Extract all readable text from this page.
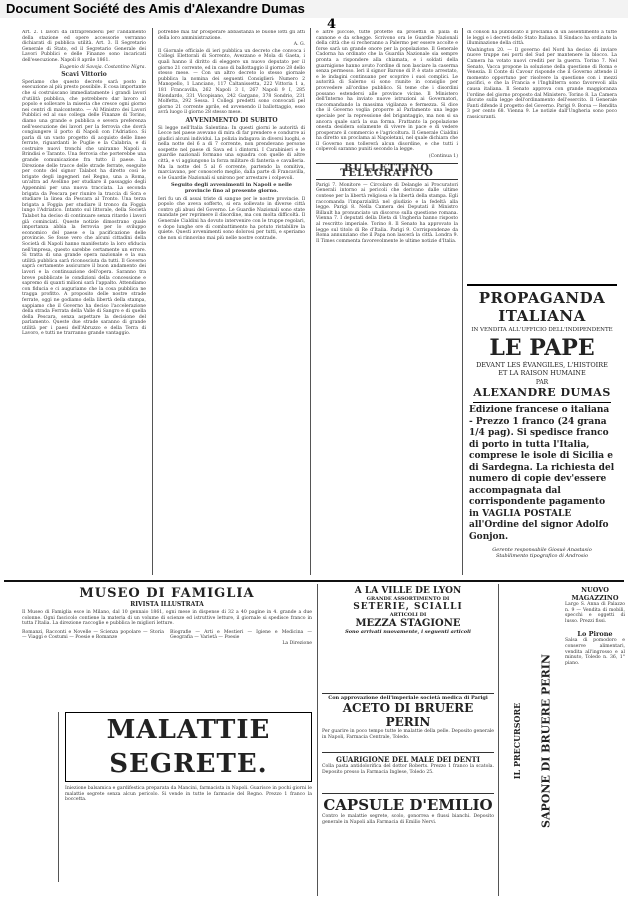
Document Société des Amis d'Alexandre Dumas
4

Art. 2. I lavori da intraprendersi per l'andamento della stazione ed opere accessorie verranno dichiarati di pubblica utilità. Art. 3. Il Segretario Generale di Stato, ed il Segretario Generale dei Lavori Pubblici e delle Finanze sono incaricati dell'esecuzione. Napoli 8 aprile 1861.

Eugenio di Savoja. Costantino Nigra.

Scavi Vittorio

Speriamo che questo decreto sarà posto in esecuzione al più presto possibile. È cosa importante che si costruiscano immediatamente i grandi lavori d'utilità pubblica, che potrebbero dar lavoro al popolo e sollevare la miseria che cresce ogni giorno nei centri di malcontento. — Al Ministro dei Lavori Pubblici ed al suo collega delle Finanze di Torino, diamo una grande e pubblica e severa preferenza nell'esecuzione dei lavori per la ferrovia che dovrà congiungere il porto di Napoli con l'Adriatico. Si parla di un vasto progetto di acquisto delle linee ferrate, riguardanti le Puglie e la Calabria, e di costruire nuovi tronchi che uniranno Napoli a Brindisi e Taranto. Una ferrovia che porterebbe una grande comunicazione fra tutto il paese. La Direzione delle tracce delle strade ferrate, eseguite per conto del signor Talabot ha diretto così le brigate degli ingegneri nel Regno, una a Roma, un'altra ad Avellino per studiare il passaggio degli Appennini per una nuova tracciata. La seconda brigata da Pescara per riunire la traccia di Sora e studiare la linea da Pescara al Tronto. Una terza brigata a Foggia per studiare il tronco da Foggia lungo l'Adriatico. Intanto sul littorale, della Società Talabot ha deciso di continuare senza ritardo i lavori già cominciati. Queste notizie dimostrano quale importanza abbia la ferrovia per lo sviluppo economico del paese e la pacificazione delle provincie. Se fosse vero che alcuni cittadini della Società di Napoli hanno manifestato la loro sfiducia nell'impresa, questo sarebbe certamente un errore. Si tratta di una grande opera nazionale e la sua utilità pubblica sarà riconosciuta da tutti. Il Governo saprà certamente assicurare il buon andamento dei lavori e la continuazione dell'opera. Saranno tra breve pubblicate le condizioni della concessione e sapremo di quanti milioni sarà l'appalto. Attendiamo con fiducia e ci auguriamo che la cosa pubblica ne tragga profitto. A proposito delle nostre strade ferrate, oggi ne godiamo della libertà della stampa, sappiamo che il Governo ha deciso l'accelerazione della strada Ferrata della Valle di Sangro e di quella della Pescara, senza aspettare la decisione del parlamento. Queste due strade saranno di grande utilità per i paesi dell'Abruzzo e della Terra di Lavoro, e tutti ne trarranno grande vantaggio.

potrebbe mai far prosperare abbastanza le buone lotti gli atti della loro amministrazione.

A. G.

Il Giornale officiale di ieri pubblica un decreto che convoca i Collegi Elettorali di Sorrento, Avezzano e Mola di Gaeta, i quali hanno il diritto di eleggere un nuovo deputato per il giorno 21 corrente, ed in caso di ballottaggio il giorno 28 dello stesso mese. — Con un altro decreto lo stesso giornale pubblica la nomina dei seguenti Consiglieri: Numero 2 Manopello, 1 Lanciano, 117 Caltanissetta, 222 Vittoria 1 a, 181 Francavilla, 262 Napoli 3 I, 267 Napoli 9 I, 285 Riondardo, 331 Vicopisano, 242 Gargano, 378 Sondrio, 231 Molfetta, 292 Sessa. I Collegi predetti sono convocati pel giorno 21 corrente aprile, ed avvenendo il ballottaggio, esso avrà luogo il giorno 28 stesso mese.

AVVENIMENTO DI SUBITO

Si legge nell'Italia Salentina: In questi giorni le autorità di Lecce nel paese avevano di mira di far prendere e condurre ai giudici alcuni individui. La polizia indagava in diversi luoghi, e nella notte del 6 a dì 7 corrente, non prendevano persone sospette nel paese di Sava ed i dintorni. I Carabinieri e le guardie nazionali formano una squadra con quelle di altre città, e vi aggiungono la forza militare di fanteria e cavalleria. Ma la notte del 5 al 6 corrente, partendo la comitiva, marciavano, per conoscerlo meglio, dalla parte di Francavilla, e le Guardie Nazionali si unirono per arrestare i colpevoli.

Seguito degli avvenimenti in Napoli e nelle provincie fino al presente giorno.

Ieri fu un dì assai triste di sangue per le nostre provincie. Il popolo che aveva sofferto, si era sollevato in diverse città contro gli abusi del Governo. Le Guardie Nazionali sono state mandate per reprimere il disordine, ma con molta difficoltà. Il Generale Cialdini ha dovuto intervenire con le truppe regolari, e dopo lunghe ore di combattimento ha potuto ristabilire la quiete. Questi avvenimenti sono dolorosi per tutti, e speriamo che non si rinnovino mai più nelle nostre contrade.

e altre piccole, tutte protette da proiettili di palla di cannone e da schegge. Scrivono ora le Guardie Nazionali della città che si recheranno a Palermo per essere accolte e forse sarà un grande onore per la popolazione. Il Generale Cadorna ha ordinato che la Guardia Nazionale sia sempre pronta a rispondere alla chiamata, e i soldati della guarnigione hanno avuto l'ordine di non lasciare la caserma senza permesso. Ieri il signor Barone di P. è stato arrestato, e le indagini continuano per scoprire i suoi complici. Le autorità di Salerno si sono riunite in consiglio per provvedere all'ordine pubblico. Si teme che i disordini possano estendersi alle province vicine. Il Ministero dell'Interno ha inviato nuove istruzioni ai Governatori, raccomandando la massima vigilanza e fermezza. Si dice che il Governo voglia proporre al Parlamento una legge speciale per la repressione del brigantaggio, ma non si sa ancora quale sarà la sua forma. Frattanto la popolazione onesta desidera solamente di vivere in pace e di vedere prosperare il commercio e l'agricoltura. Il Generale Cialdini ha diretto un proclama ai Napoletani, nel quale dichiara che il Governo non tollererà alcun disordine, e che tutti i colpevoli saranno puniti secondo la legge.

(Continua 1)

BULLETTINO TELEGRAFICO

Parigi 7. Monitore — Circolare di Delangle ai Procuratori Generali intorno ai pericoli che derivano dalle ultime contese per la libertà religiosa e la libertà della stampa. Egli raccomanda l'imparzialità nel giudizio e la fedeltà alla legge. Parigi 8. Nella Camera dei Deputati il Ministro Billault ha pronunciato un discorso sulla questione romana. Vienna 7. I deputati della Dieta di Ungheria hanno risposto al rescritto imperiale. Torino 8. Il Senato ha approvato la legge sul titolo di Re d'Italia. Parigi 9. Corrispondenze da Roma annunziano che il Papa non lascerà la città. Londra 9. Il Times commenta favorevolmente le ultime notizie d'Italia.

di consoli ha pubblicato il proclama di un assentimento a tutte le leggi e i decreti dello Stato Italiano. Il Sindaco ha ordinato la illuminazione della città.

Washington 20. — Il governo del Nord ha deciso di inviare nuove truppe nei porti del Sud per mantenere la blocco. La Camera ha votato nuovi crediti per la guerra. Torino 7. Nel Senato, Vacca propone la soluzione della questione di Roma e Venezia. Il Conte di Cavour risponde che il Governo attende il momento opportuno per risolvere la questione con i mezzi pacifici, e che la Francia e l'Inghilterra sono favorevoli alla causa italiana. Il Senato approva con grande maggioranza l'ordine del giorno proposto dal Ministero. Torino 8. La Camera discute sulla legge dell'ordinamento dell'esercito. Il Generale Fanti difende il progetto del Governo. Parigi 9. Borsa — Rendita 3 per cento 68. Vienna 9. Le notizie dall'Ungheria sono poco rassicuranti.

PROPAGANDA ITALIANA
IN VENDITA ALL'UFFICIO DELL'INDIPENDENTE
LE PAPE
DEVANT LES ÉVANGILES, L'HISTOIRE ET LA RAISON HUMAINE
PAR
ALEXANDRE DUMAS
Edizione francese o italiana - Prezzo 1 franco (24 grana 1/4 pag). Si spedisce franco di porto in tutta l'Italia, comprese le isole di Sicilia e di Sardegna. La richiesta del numero di copie dev'essere accompagnata dal corrispondente pagamento in VAGLIA POSTALE all'Ordine del signor Adolfo Gonjon.
Gerente responsabile Giosuè Anastasio
Stabilimento tipografico di Androsio
MUSEO DI FAMIGLIA
RIVISTA ILLUSTRATA
Il Museo di Famiglia esce in Milano, dal 10 gennaio 1861, ogni mese in dispense di 32 a 40 pagine in 4. grande a due colonne. Ogni fascicolo contiene la materia di un volume di scienze ed istruttive letture, il giornale si spedisce franco in tutta l'Italia. La direzione raccoglie e pubblica le migliori letture.
Romanzi, Racconti e Novelle — Scienza popolare — Storia — Viaggi e Costumi — Poesie e Romanze
Biografie — Arti e Mestieri — Igiene e Medicina — Geografia — Varietà — Poesie
La Direzione
MALATTIE SEGRETE.
Iniezione balsamica e gardifestica preparata da Mancini, farmacista in Napoli. Guarisce in pochi giorni le malattie segrete senza alcun pericolo. Si vende in tutte le farmacie del Regno. Prezzo 1 franco la boccetta.
A LA VILLE DE LYON
GRANDE ASSORTIMENTO DI
SETERIE, SCIALLI
ARTICOLI DI
MEZZA STAGIONE
Sono arrivati nuovamente, i seguenti articoli
Con approvazione dell'imperiale società medica di Parigi
ACETO DI BRUERE PERIN
Per guarire in poco tempo tutte le malattie della pelle. Deposito generale in Napoli, Farmacia Centrale, Toledo.
GUARIGIONE DEL MALE DEI DENTI
Colla pasta antidolorifica del dottor Roberts. Prezzo 1 franco la scatola. Deposito presso la Farmacia Inglese, Toledo 25.
CAPSULE D'EMILIO
Contro le malattie segrete, scolo, gonorrea e flussi bianchi. Deposito generale in Napoli alla Farmacia di Emilio Nervi.
IL PRECURSORE SAPONE DI BRUERE PERIN
NUOVO MAGAZZINO
Largo S. Anna di Palazzo n. 9 — Vendita di mobili, specchi e oggetti di lusso. Prezzi fissi.
Lo Pirone
Salsa di pomodoro e conserve alimentari, vendita all'ingrosso e al minuto, Toledo n. 36, 1° piano.
